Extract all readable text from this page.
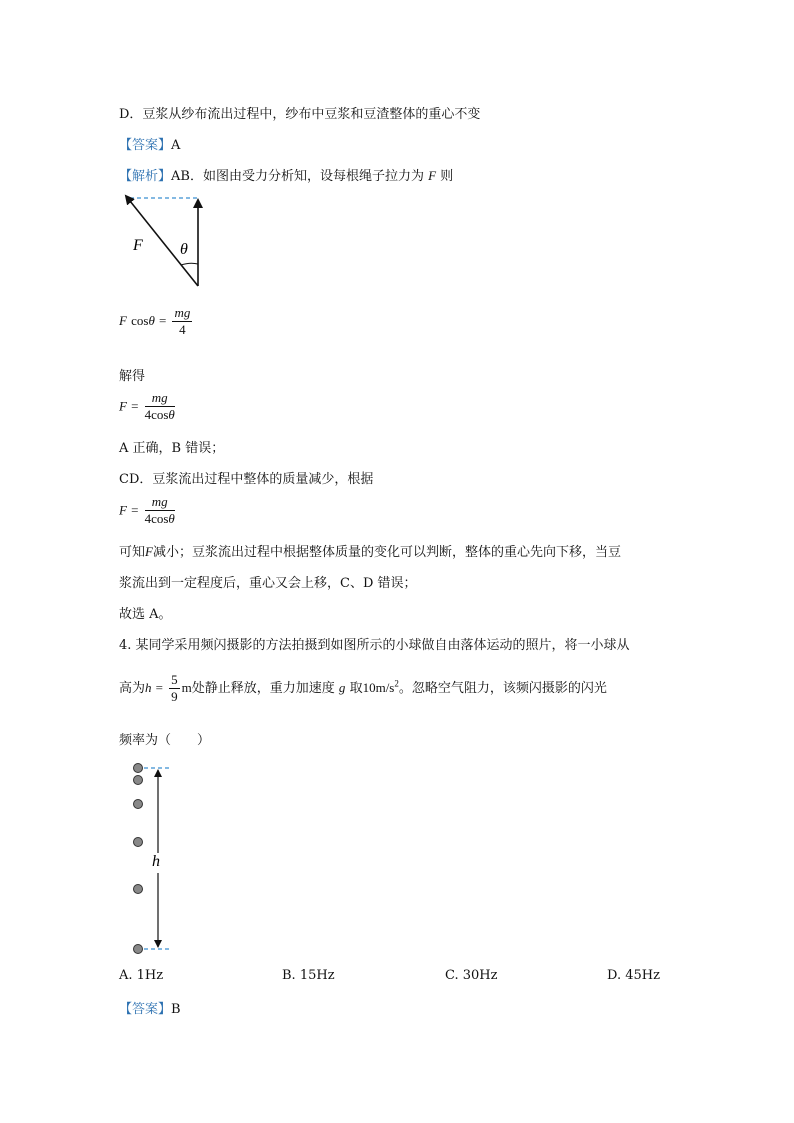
D．豆浆从纱布流出过程中，纱布中豆浆和豆渣整体的重心不变
【答案】A
【解析】AB．如图由受力分析知，设每根绳子拉力为 F 则
F θ
F $\cos\theta = \frac{mg}{4}$
解得
$F = \frac{mg}{4\cos\theta}$
A 正确，B 错误；
CD．豆浆流出过程中整体的质量减少，根据
$F = \frac{mg}{4\cos\theta}$
可知F减小；豆浆流出过程中根据整体质量的变化可以判断，整体的重心先向下移，当豆
浆流出到一定程度后，重心又会上移，C、D 错误；
故选 A。
4. 某同学采用频闪摄影的方法拍摄到如图所示的小球做自由落体运动的照片，将一小球从
高为$h = \frac{5}{9}$ m处静止释放，重力加速度 g 取$10m/s^2$。忽略空气阻力，该频闪摄影的闪光
频率为（　　）
h
A. 1Hz	B. 15Hz	C. 30Hz	D. 45Hz
【答案】B
